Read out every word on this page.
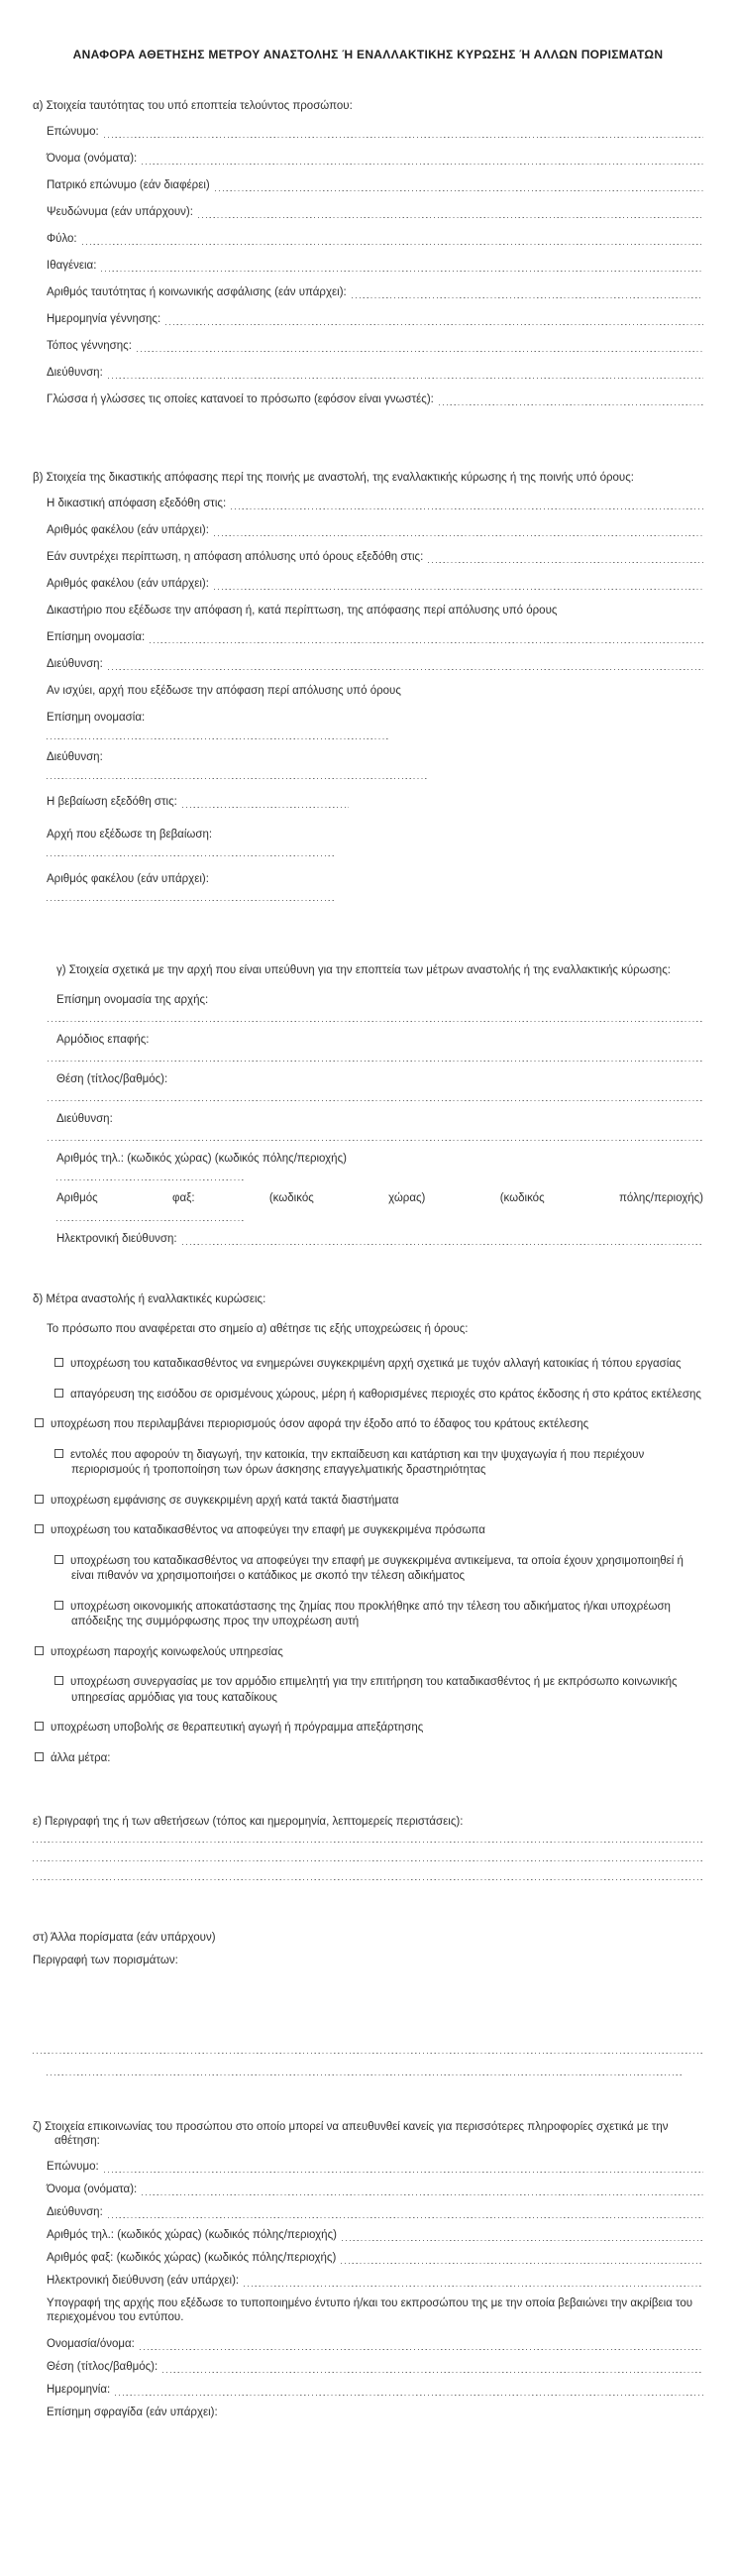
ΑΝΑΦΟΡΑ ΑΘΕΤΗΣΗΣ ΜΕΤΡΟΥ ΑΝΑΣΤΟΛΗΣ Ή ΕΝΑΛΛΑΚΤΙΚΗΣ ΚΥΡΩΣΗΣ Ή ΑΛΛΩΝ ΠΟΡΙΣΜΑΤΩΝ
α) Στοιχεία ταυτότητας του υπό εποπτεία τελούντος προσώπου:
Επώνυμο:
Όνομα (ονόματα):
Πατρικό επώνυμο (εάν διαφέρει)
Ψευδώνυμα (εάν υπάρχουν):
Φύλο:
Ιθαγένεια:
Αριθμός ταυτότητας ή κοινωνικής ασφάλισης (εάν υπάρχει):
Ημερομηνία γέννησης:
Τόπος γέννησης:
Διεύθυνση:
Γλώσσα ή γλώσσες τις οποίες κατανοεί το πρόσωπο (εφόσον είναι γνωστές):
β) Στοιχεία της δικαστικής απόφασης περί της ποινής με αναστολή, της εναλλακτικής κύρωσης ή της ποινής υπό όρους:
Η δικαστική απόφαση εξεδόθη στις:
Αριθμός φακέλου (εάν υπάρχει):
Εάν συντρέχει περίπτωση, η απόφαση απόλυσης υπό όρους εξεδόθη στις:
Αριθμός φακέλου (εάν υπάρχει):
Δικαστήριο που εξέδωσε την απόφαση ή, κατά περίπτωση, της απόφασης περί απόλυσης υπό όρους
Επίσημη ονομασία:
Διεύθυνση:
Αν ισχύει, αρχή που εξέδωσε την απόφαση περί απόλυσης υπό όρους
Επίσημη ονομασία:
Διεύθυνση:
Η βεβαίωση εξεδόθη στις:
Αρχή που εξέδωσε τη βεβαίωση:
Αριθμός φακέλου (εάν υπάρχει):
γ) Στοιχεία σχετικά με την αρχή που είναι υπεύθυνη για την εποπτεία των μέτρων αναστολής ή της εναλλακτικής κύρωσης:
Επίσημη ονομασία της αρχής:
Αρμόδιος επαφής:
Θέση (τίτλος/βαθμός):
Διεύθυνση:
Αριθμός τηλ.: (κωδικός χώρας) (κωδικός πόλης/περιοχής)
Αριθμός φαξ: (κωδικός χώρας) (κωδικός πόλης/περιοχής)
Ηλεκτρονική διεύθυνση:
δ) Μέτρα αναστολής ή εναλλακτικές κυρώσεις:
Το πρόσωπο που αναφέρεται στο σημείο α) αθέτησε τις εξής υποχρεώσεις ή όρους:
υποχρέωση του καταδικασθέντος να ενημερώνει συγκεκριμένη αρχή σχετικά με τυχόν αλλαγή κατοικίας ή τόπου εργασίας
απαγόρευση της εισόδου σε ορισμένους χώρους, μέρη ή καθορισμένες περιοχές στο κράτος έκδοσης ή στο κράτος εκτέλεσης
υποχρέωση που περιλαμβάνει περιορισμούς όσον αφορά την έξοδο από το έδαφος του κράτους εκτέλεσης
εντολές που αφορούν τη διαγωγή, την κατοικία, την εκπαίδευση και κατάρτιση και την ψυχαγωγία ή που περιέχουν περιορισμούς ή τροποποίηση των όρων άσκησης επαγγελματικής δραστηριότητας
υποχρέωση εμφάνισης σε συγκεκριμένη αρχή κατά τακτά διαστήματα
υποχρέωση του καταδικασθέντος να αποφεύγει την επαφή με συγκεκριμένα πρόσωπα
υποχρέωση του καταδικασθέντος να αποφεύγει την επαφή με συγκεκριμένα αντικείμενα, τα οποία έχουν χρησιμοποιηθεί ή είναι πιθανόν να χρησιμοποιήσει ο κατάδικος με σκοπό την τέλεση αδικήματος
υποχρέωση οικονομικής αποκατάστασης της ζημίας που προκλήθηκε από την τέλεση του αδικήματος ή/και υποχρέωση απόδειξης της συμμόρφωσης προς την υποχρέωση αυτή
υποχρέωση παροχής κοινωφελούς υπηρεσίας
υποχρέωση συνεργασίας με τον αρμόδιο επιμελητή για την επιτήρηση του καταδικασθέντος ή με εκπρόσωπο κοινωνικής υπηρεσίας αρμόδιας για τους καταδίκους
υποχρέωση υποβολής σε θεραπευτική αγωγή ή πρόγραμμα απεξάρτησης
άλλα μέτρα:
ε) Περιγραφή της ή των αθετήσεων (τόπος και ημερομηνία, λεπτομερείς περιστάσεις):
στ) Άλλα πορίσματα (εάν υπάρχουν)
Περιγραφή των πορισμάτων:
ζ) Στοιχεία επικοινωνίας του προσώπου στο οποίο μπορεί να απευθυνθεί κανείς για περισσότερες πληροφορίες σχετικά με την αθέτηση:
Επώνυμο:
Όνομα (ονόματα):
Διεύθυνση:
Αριθμός τηλ.: (κωδικός χώρας) (κωδικός πόλης/περιοχής)
Αριθμός φαξ: (κωδικός χώρας) (κωδικός πόλης/περιοχής)
Ηλεκτρονική διεύθυνση (εάν υπάρχει):
Υπογραφή της αρχής που εξέδωσε το τυποποιημένο έντυπο ή/και του εκπροσώπου της με την οποία βεβαιώνει την ακρίβεια του περιεχομένου του εντύπου.
Ονομασία/όνομα:
Θέση (τίτλος/βαθμός):
Ημερομηνία:
Επίσημη σφραγίδα (εάν υπάρχει):
